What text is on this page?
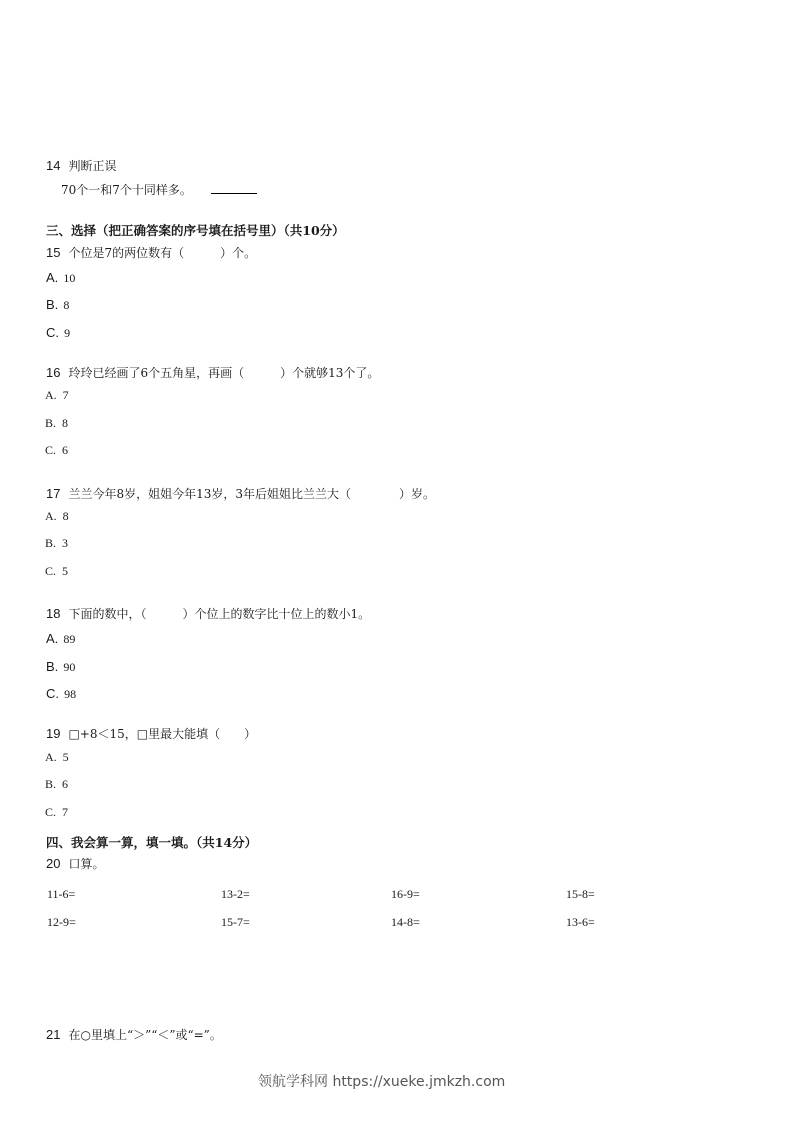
14 判断正误
70个一和7个十同样多。
三、选择（把正确答案的序号填在括号里）（共10分）
15 个位是7的两位数有（　　　）个。
A. 10
B. 8
C. 9
16 玲玲已经画了6个五角星，再画（　　　）个就够13个了。
A. 7
B. 8
C. 6
17 兰兰今年8岁，姐姐今年13岁，3年后姐姐比兰兰大（　　　　）岁。
A. 8
B. 3
C. 5
18 下面的数中，（　　　）个位上的数字比十位上的数小1。
A. 89
B. 90
C. 98
19 □+8＜15，□里最大能填（　　）
A. 5
B. 6
C. 7
四、我会算一算，填一填。（共14分）
20 口算。
11-6=	13-2=	16-9=	15-8=
12-9=	15-7=	14-8=	13-6=
21 在○里填上“＞”“＜”或“=”。
领航学科网 https://xueke.jmkzh.com
